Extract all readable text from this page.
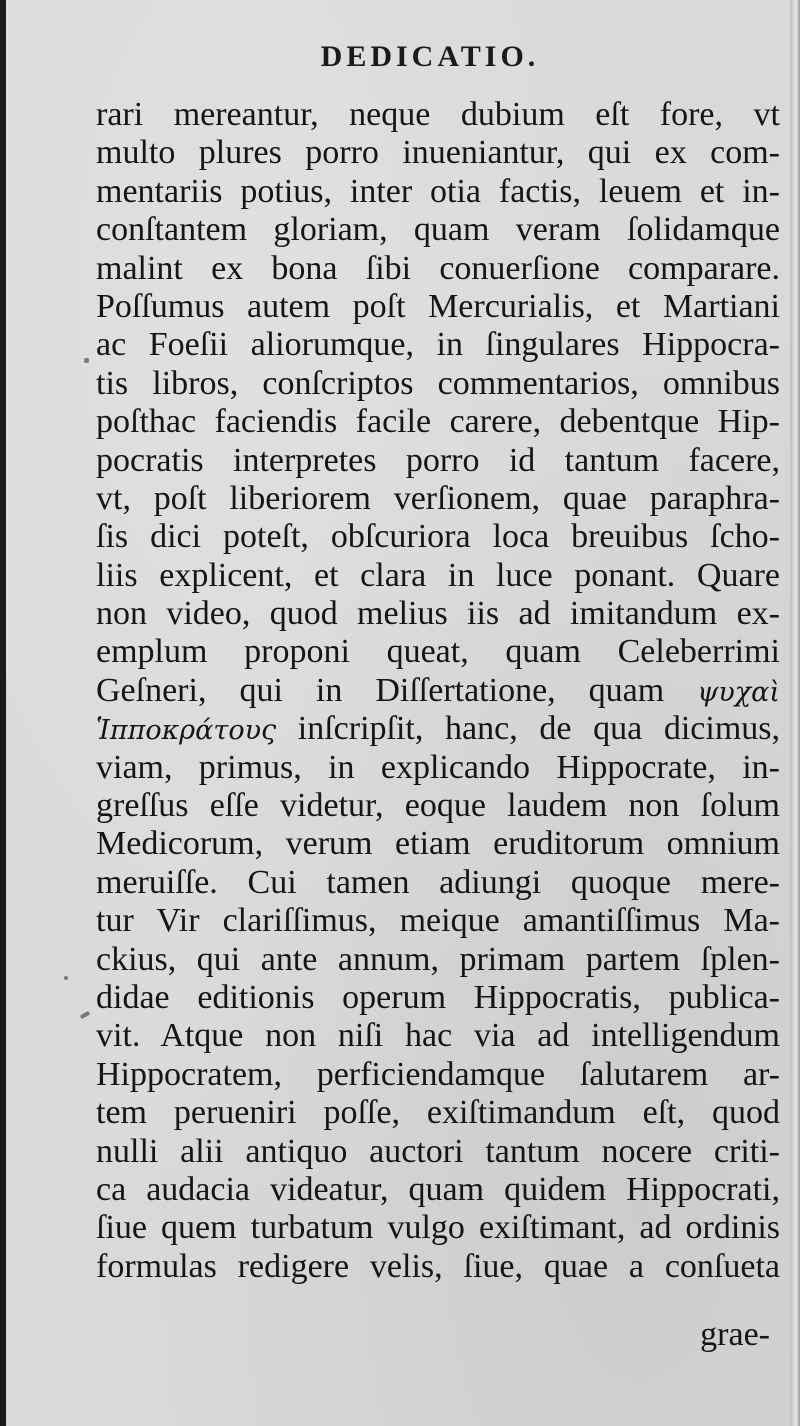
DEDICATIO.
rari mereantur, neque dubium eſt fore, vt
multo plures porro inueniantur, qui ex com-
mentariis potius, inter otia factis, leuem et in-
conſtantem gloriam, quam veram ſolidamque
malint ex bona ſibi conuerſione comparare.
Poſſumus autem poſt Mercurialis, et Martiani
ac Foeſii aliorumque, in ſingulares Hippocra-
tis libros, conſcriptos commentarios, omnibus
poſthac faciendis facile carere, debentque Hip-
pocratis interpretes porro id tantum facere,
vt, poſt liberiorem verſionem, quae paraphra-
ſis dici poteſt, obſcuriora loca breuibus ſcho-
liis explicent, et clara in luce ponant. Quare
non video, quod melius iis ad imitandum ex-
emplum proponi queat, quam Celeberrimi
Geſneri, qui in Diſſertatione, quam ψυχαὶ
Ἱπποκράτους inſcripſit, hanc, de qua dicimus,
viam, primus, in explicando Hippocrate, in-
greſſus eſſe videtur, eoque laudem non ſolum
Medicorum, verum etiam eruditorum omnium
meruiſſe. Cui tamen adiungi quoque mere-
tur Vir clariſſimus, meique amantiſſimus Ma-
ckius, qui ante annum, primam partem ſplen-
didae editionis operum Hippocratis, publica-
vit. Atque non niſi hac via ad intelligendum
Hippocratem, perficiendamque ſalutarem ar-
tem perueniri poſſe, exiſtimandum eſt, quod
nulli alii antiquo auctori tantum nocere criti-
ca audacia videatur, quam quidem Hippocrati,
ſiue quem turbatum vulgo exiſtimant, ad ordinis
formulas redigere velis, ſiue, quae a conſueta
grae-
